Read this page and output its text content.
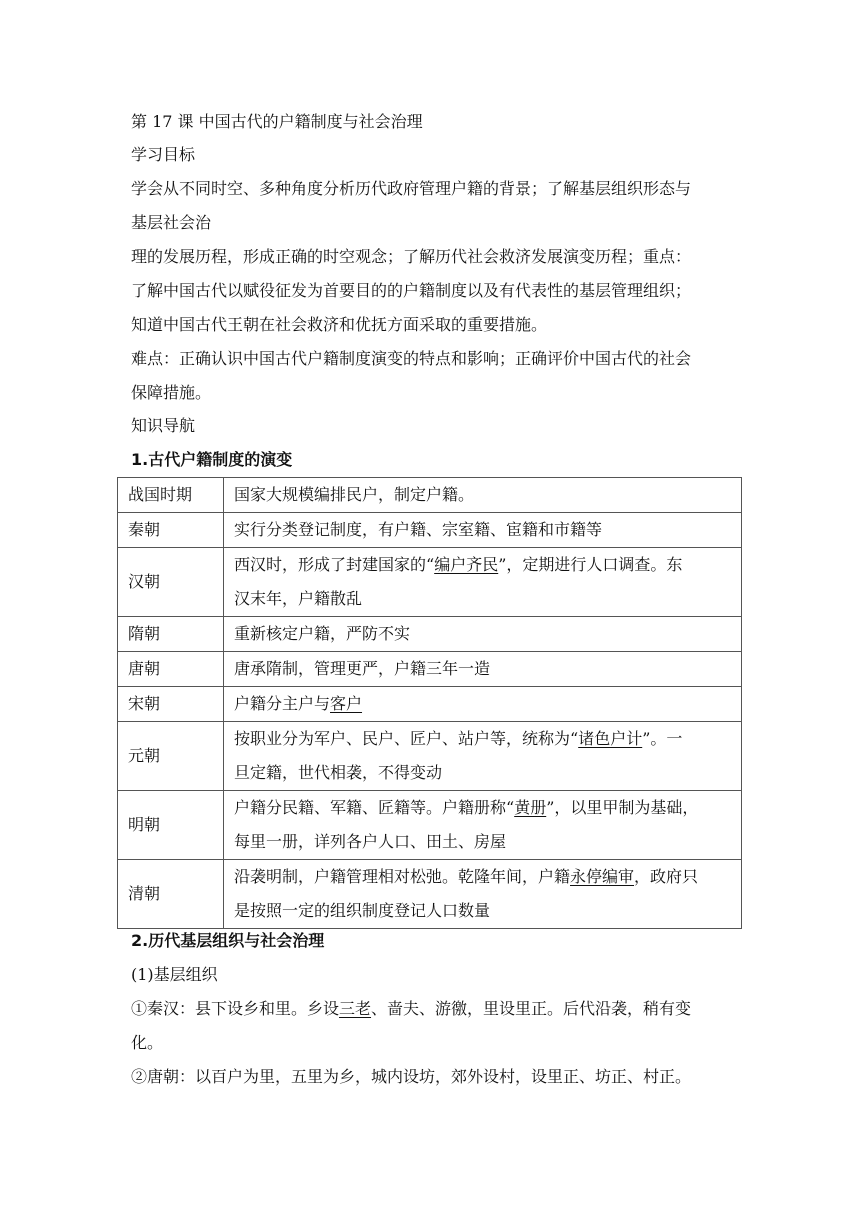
第 17 课 中国古代的户籍制度与社会治理
学习目标
学会从不同时空、多种角度分析历代政府管理户籍的背景；了解基层组织形态与
基层社会治
理的发展历程，形成正确的时空观念；了解历代社会救济发展演变历程；重点：
了解中国古代以赋役征发为首要目的的户籍制度以及有代表性的基层管理组织；
知道中国古代王朝在社会救济和优抚方面采取的重要措施。
难点：正确认识中国古代户籍制度演变的特点和影响；正确评价中国古代的社会
保障措施。
知识导航
1.古代户籍制度的演变
战国时期	国家大规模编排民户，制定户籍。
秦朝	实行分类登记制度，有户籍、宗室籍、宦籍和市籍等
汉朝	西汉时，形成了封建国家的“编户齐民”，定期进行人口调查。东
汉末年，户籍散乱
隋朝	重新核定户籍，严防不实
唐朝	唐承隋制，管理更严，户籍三年一造
宋朝	户籍分主户与客户
元朝	按职业分为军户、民户、匠户、站户等，统称为“诸色户计”。一
旦定籍，世代相袭，不得变动
明朝	户籍分民籍、军籍、匠籍等。户籍册称“黄册”，以里甲制为基础，
每里一册，详列各户人口、田土、房屋
清朝	沿袭明制，户籍管理相对松弛。乾隆年间，户籍永停编审，政府只
是按照一定的组织制度登记人口数量
2.历代基层组织与社会治理
(1)基层组织
①秦汉：县下设乡和里。乡设三老、啬夫、游徼，里设里正。后代沿袭，稍有变
化。
②唐朝：以百户为里，五里为乡，城内设坊，郊外设村，设里正、坊正、村正。
